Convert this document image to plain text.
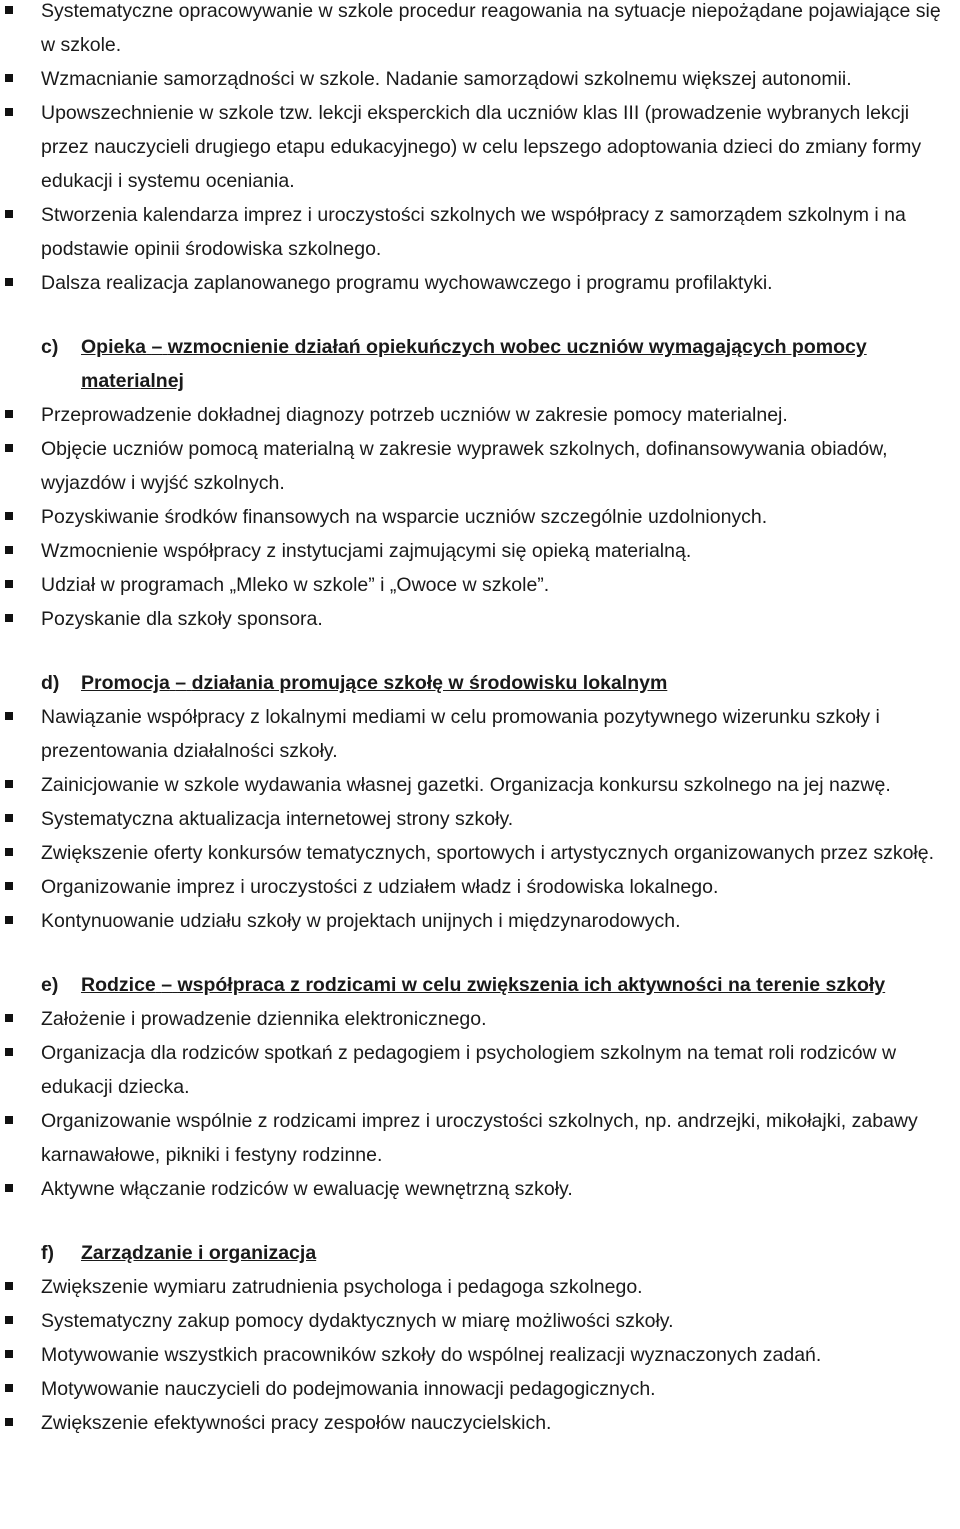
Systematyczne opracowywanie w szkole procedur reagowania na sytuacje niepożądane pojawiające się w szkole.
Wzmacnianie samorządności w szkole. Nadanie samorządowi szkolnemu większej autonomii.
Upowszechnienie w szkole tzw. lekcji eksperckich dla uczniów klas III (prowadzenie wybranych lekcji przez nauczycieli drugiego etapu edukacyjnego) w celu lepszego adoptowania dzieci do zmiany formy edukacji i systemu oceniania.
Stworzenia kalendarza imprez i uroczystości szkolnych we współpracy z samorządem szkolnym i na podstawie opinii środowiska szkolnego.
Dalsza realizacja zaplanowanego programu wychowawczego i programu profilaktyki.
c) Opieka – wzmocnienie działań opiekuńczych wobec uczniów wymagających pomocy materialnej
Przeprowadzenie dokładnej diagnozy potrzeb uczniów w zakresie pomocy materialnej.
Objęcie uczniów pomocą materialną w zakresie wyprawek szkolnych, dofinansowywania obiadów, wyjazdów i wyjść szkolnych.
Pozyskiwanie środków finansowych na wsparcie uczniów szczególnie uzdolnionych.
Wzmocnienie współpracy z instytucjami zajmującymi się opieką materialną.
Udział w programach „Mleko w szkole” i „Owoce w szkole”.
Pozyskanie dla szkoły sponsora.
d) Promocja – działania promujące szkołę w środowisku lokalnym
Nawiązanie współpracy z lokalnymi mediami w celu promowania pozytywnego wizerunku szkoły i prezentowania działalności szkoły.
Zainicjowanie w szkole wydawania własnej gazetki. Organizacja konkursu szkolnego na jej nazwę.
Systematyczna aktualizacja internetowej strony szkoły.
Zwiększenie oferty konkursów tematycznych, sportowych i artystycznych organizowanych przez szkołę.
Organizowanie imprez i uroczystości z udziałem władz i środowiska lokalnego.
Kontynuowanie udziału szkoły w projektach unijnych i międzynarodowych.
e) Rodzice – współpraca z rodzicami w celu zwiększenia ich aktywności na terenie szkoły
Założenie i prowadzenie dziennika elektronicznego.
Organizacja dla rodziców spotkań z pedagogiem i psychologiem szkolnym na temat roli rodziców w edukacji dziecka.
Organizowanie wspólnie z rodzicami imprez i uroczystości szkolnych, np. andrzejki, mikołajki, zabawy karnawałowe, pikniki i festyny rodzinne.
Aktywne włączanie rodziców w ewaluację wewnętrzną szkoły.
f) Zarządzanie i organizacja
Zwiększenie wymiaru zatrudnienia psychologa i pedagoga szkolnego.
Systematyczny zakup pomocy dydaktycznych w miarę możliwości szkoły.
Motywowanie wszystkich pracowników szkoły do wspólnej realizacji wyznaczonych zadań.
Motywowanie nauczycieli do podejmowania innowacji pedagogicznych.
Zwiększenie efektywności pracy zespołów nauczycielskich.
